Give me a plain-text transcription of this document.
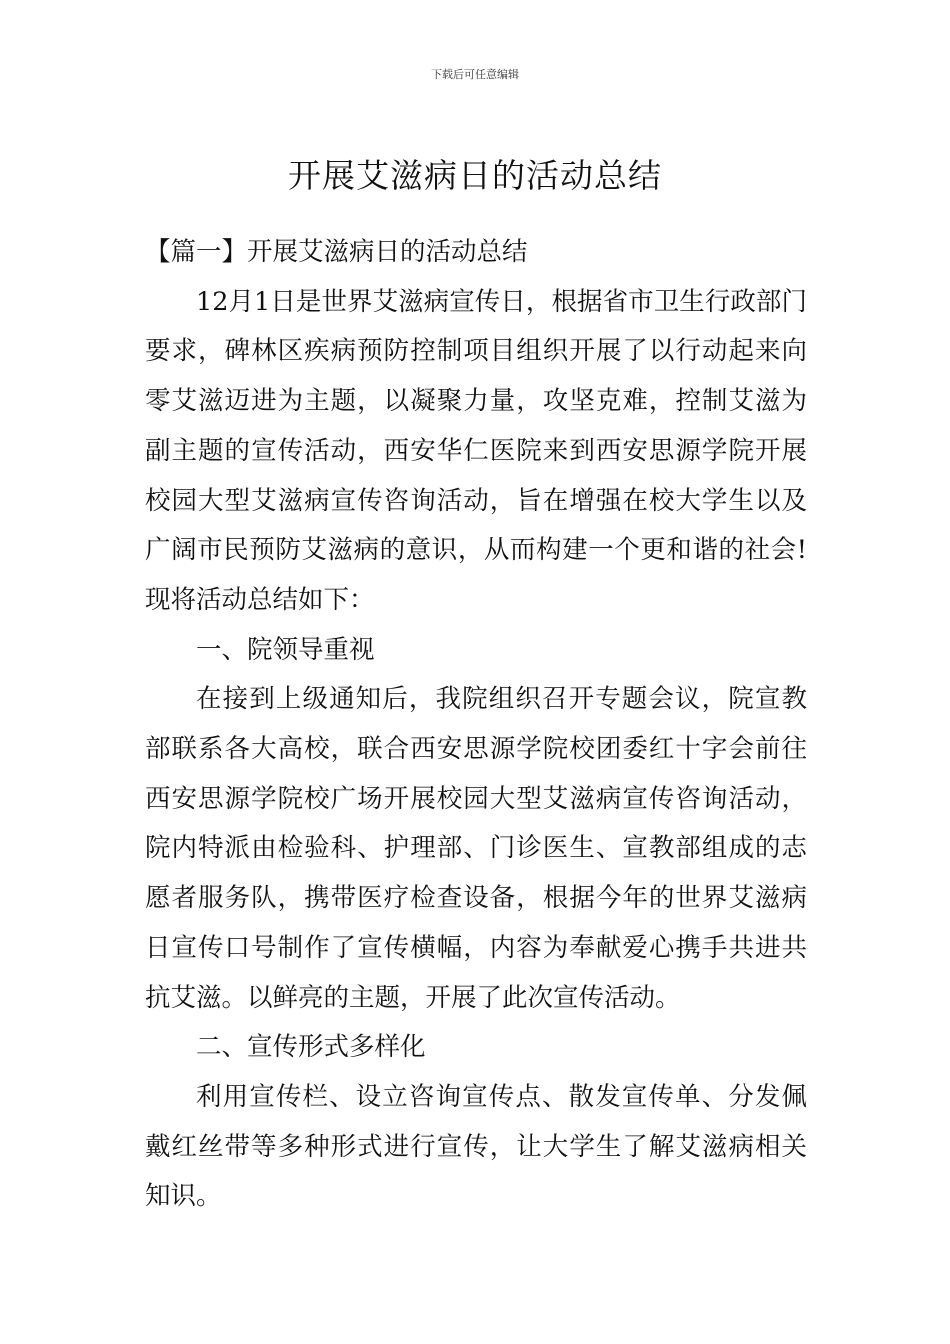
下载后可任意编辑
开展艾滋病日的活动总结

【篇一】开展艾滋病日的活动总结

12月1日是世界艾滋病宣传日，根据省市卫生行政部门要求，碑林区疾病预防控制项目组织开展了以行动起来向零艾滋迈进为主题，以凝聚力量，攻坚克难，控制艾滋为副主题的宣传活动，西安华仁医院来到西安思源学院开展校园大型艾滋病宣传咨询活动，旨在增强在校大学生以及广阔市民预防艾滋病的意识，从而构建一个更和谐的社会!现将活动总结如下：

一、院领导重视

在接到上级通知后，我院组织召开专题会议，院宣教部联系各大高校，联合西安思源学院校团委红十字会前往西安思源学院校广场开展校园大型艾滋病宣传咨询活动，院内特派由检验科、护理部、门诊医生、宣教部组成的志愿者服务队，携带医疗检查设备，根据今年的世界艾滋病日宣传口号制作了宣传横幅，内容为奉献爱心携手共进共抗艾滋。以鲜亮的主题，开展了此次宣传活动。

二、宣传形式多样化

利用宣传栏、设立咨询宣传点、散发宣传单、分发佩戴红丝带等多种形式进行宣传，让大学生了解艾滋病相关知识。
